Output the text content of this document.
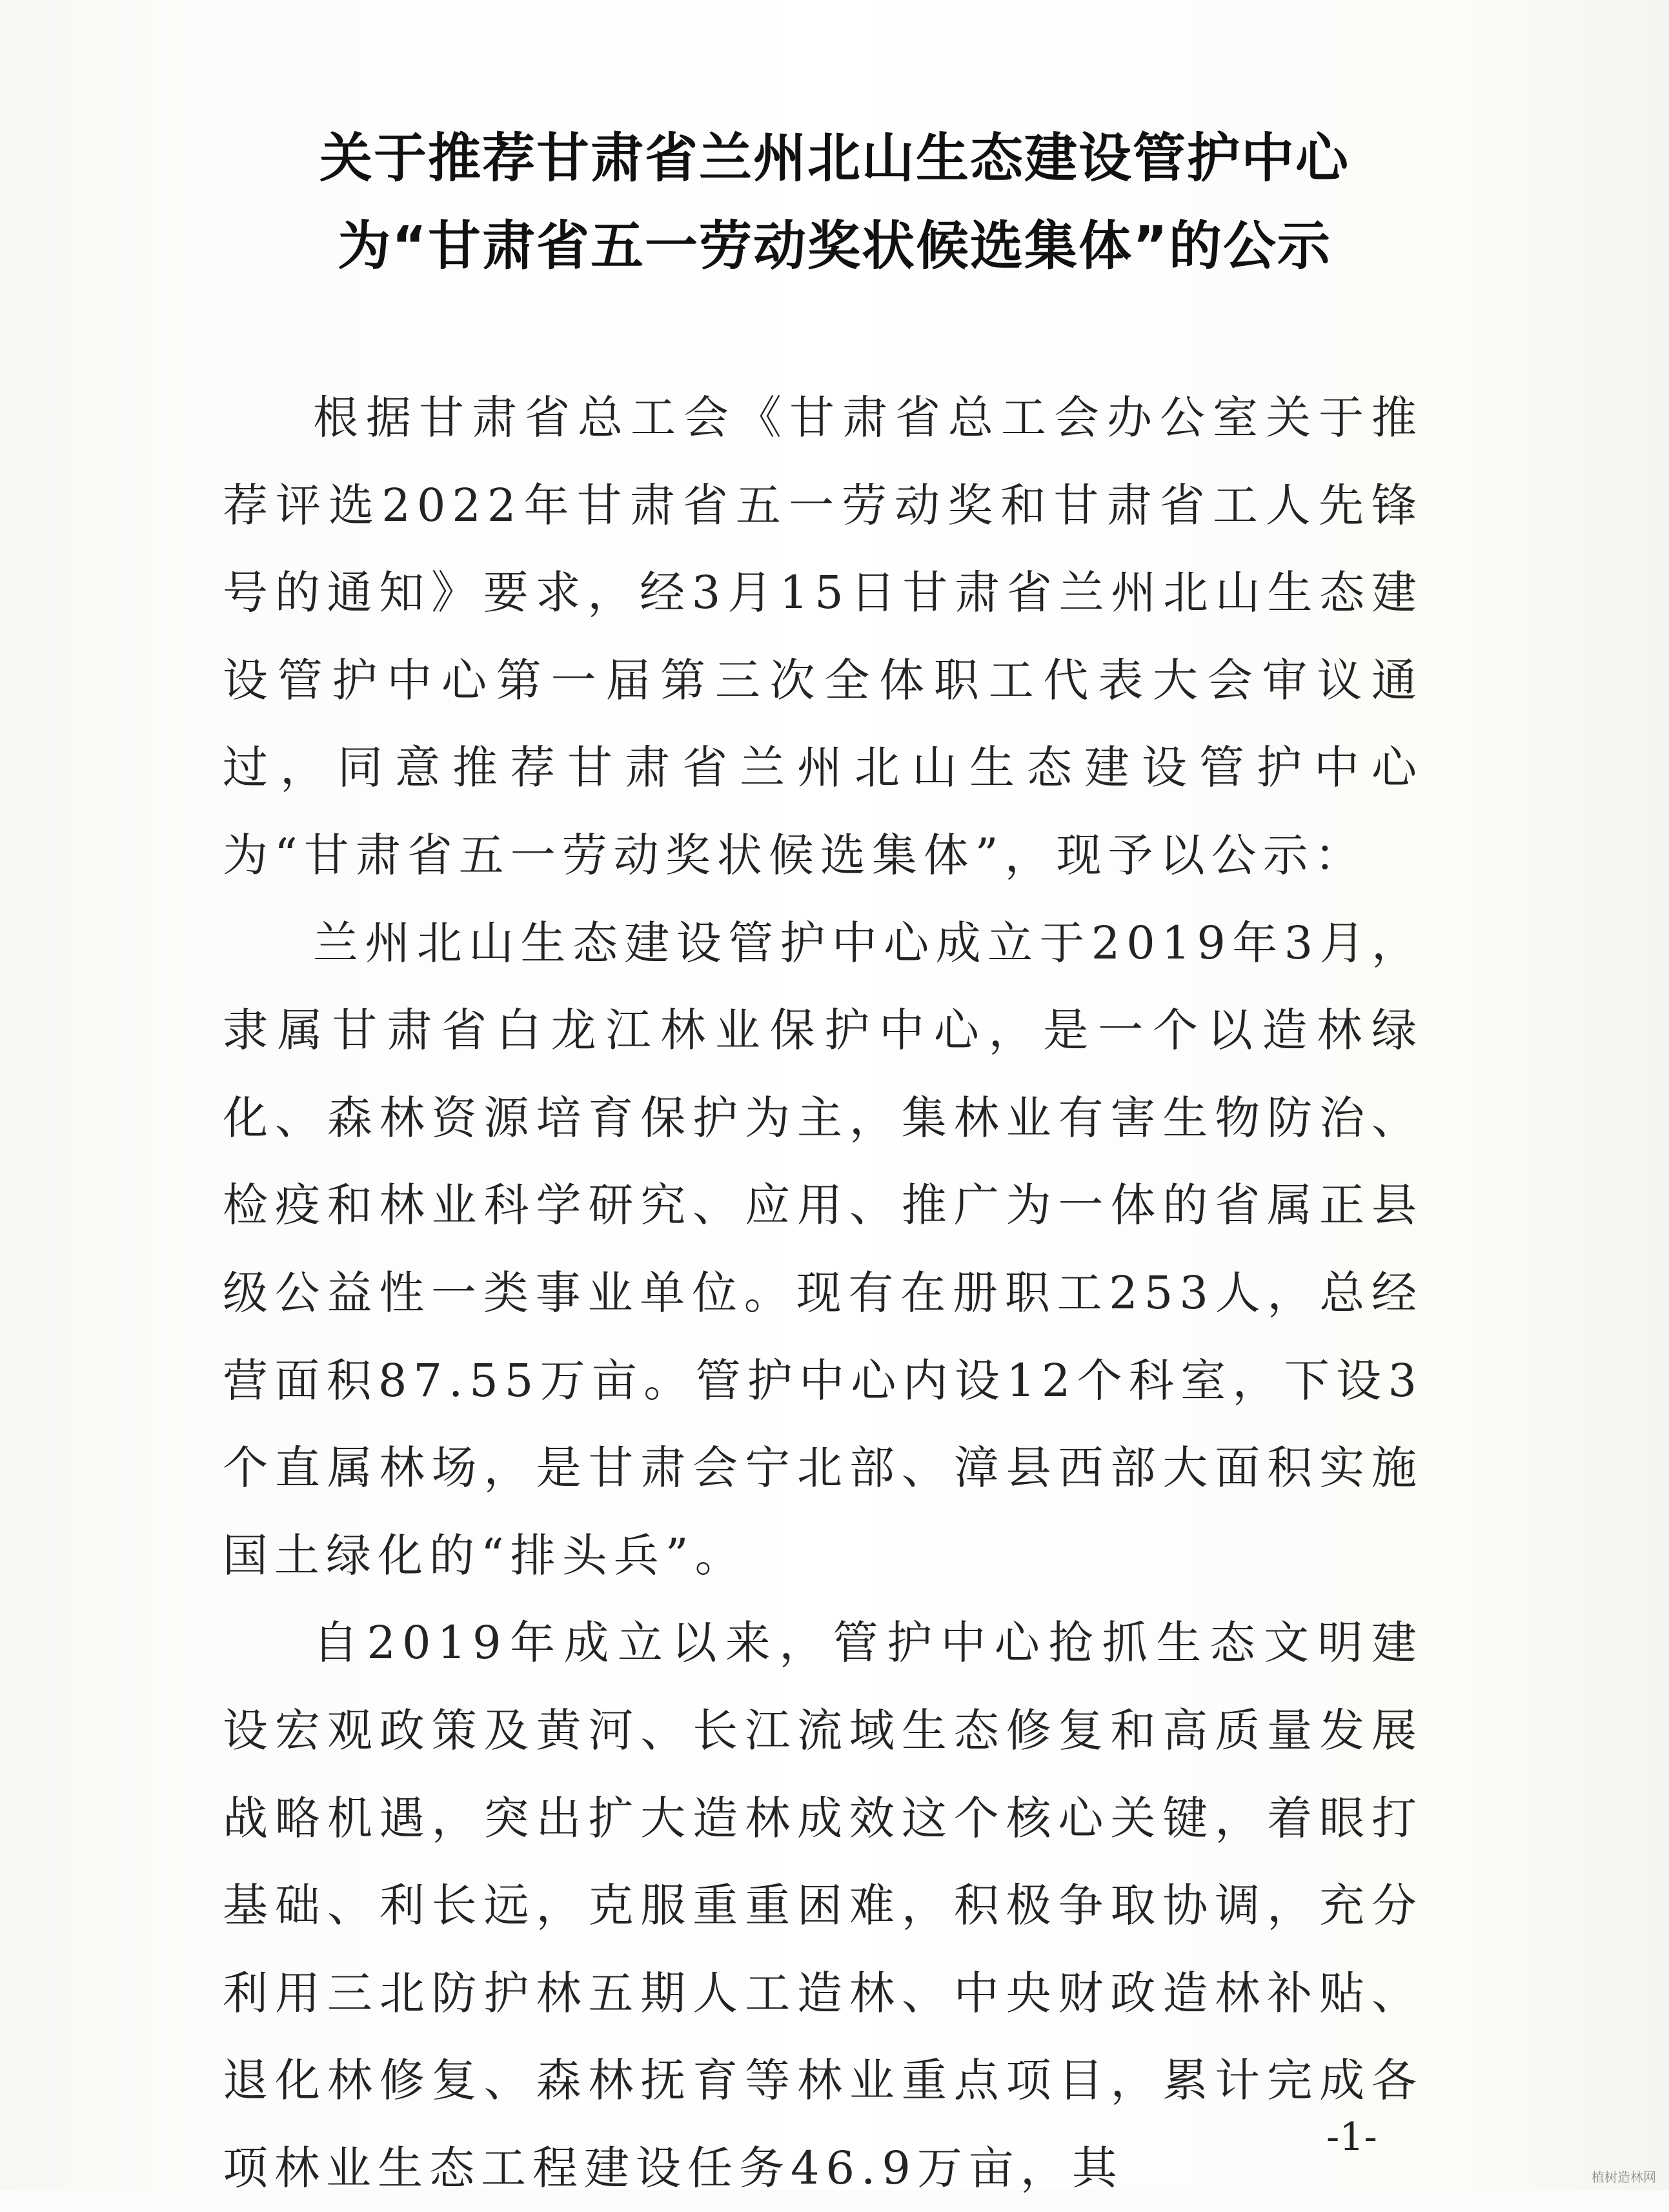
关于推荐甘肃省兰州北山生态建设管护中心
为“甘肃省五一劳动奖状候选集体”的公示

根据甘肃省总工会《甘肃省总工会办公室关于推荐评选2022年甘肃省五一劳动奖和甘肃省工人先锋号的通知》要求，经3月15日甘肃省兰州北山生态建设管护中心第一届第三次全体职工代表大会审议通过，同意推荐甘肃省兰州北山生态建设管护中心为“甘肃省五一劳动奖状候选集体”，现予以公示：

兰州北山生态建设管护中心成立于2019年3月，隶属甘肃省白龙江林业保护中心，是一个以造林绿化、森林资源培育保护为主，集林业有害生物防治、检疫和林业科学研究、应用、推广为一体的省属正县级公益性一类事业单位。现有在册职工253人，总经营面积87.55万亩。管护中心内设12个科室，下设3个直属林场，是甘肃会宁北部、漳县西部大面积实施国土绿化的“排头兵”。

自2019年成立以来，管护中心抢抓生态文明建设宏观政策及黄河、长江流域生态修复和高质量发展战略机遇，突出扩大造林成效这个核心关键，着眼打基础、利长远，克服重重困难，积极争取协调，充分利用三北防护林五期人工造林、中央财政造林补贴、退化林修复、森林抚育等林业重点项目，累计完成各项林业生态工程建设任务46.9万亩，其

-1-
植树造林网
